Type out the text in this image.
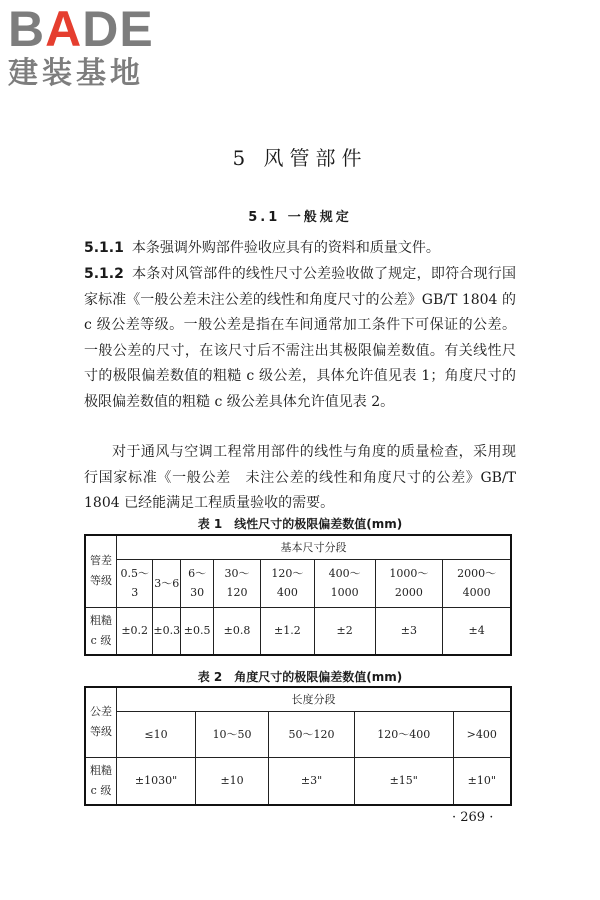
BADE
建装基地
5 风管部件
5.1 一般规定
5.1.1 本条强调外购部件验收应具有的资料和质量文件。
5.1.2 本条对风管部件的线性尺寸公差验收做了规定，即符合现行国家标准《一般公差未注公差的线性和角度尺寸的公差》GB/T 1804 的 c 级公差等级。一般公差是指在车间通常加工条件下可保证的公差。一般公差的尺寸，在该尺寸后不需注出其极限偏差数值。有关线性尺寸的极限偏差数值的粗糙 c 级公差，具体允许值见表 1；角度尺寸的极限偏差数值的粗糙 c 级公差具体允许值见表 2。
对于通风与空调工程常用部件的线性与角度的质量检查，采用现行国家标准《一般公差　未注公差的线性和角度尺寸的公差》GB/T 1804 已经能满足工程质量验收的需要。
表 1　线性尺寸的极限偏差数值(mm)
管差等级	基本尺寸分段							
	0.5～3	3～6	6～30	30～120	120～400	400～1000	1000～2000	2000～4000
粗糙 c 级	±0.2	±0.3	±0.5	±0.8	±1.2	±2	±3	±4
表 2　角度尺寸的极限偏差数值(mm)
公差等级	长度分段				
	≤10	10～50	50～120	120～400	>400
粗糙 c 级	±1030"	±10	±3"	±15"	±10"
· 269 ·
